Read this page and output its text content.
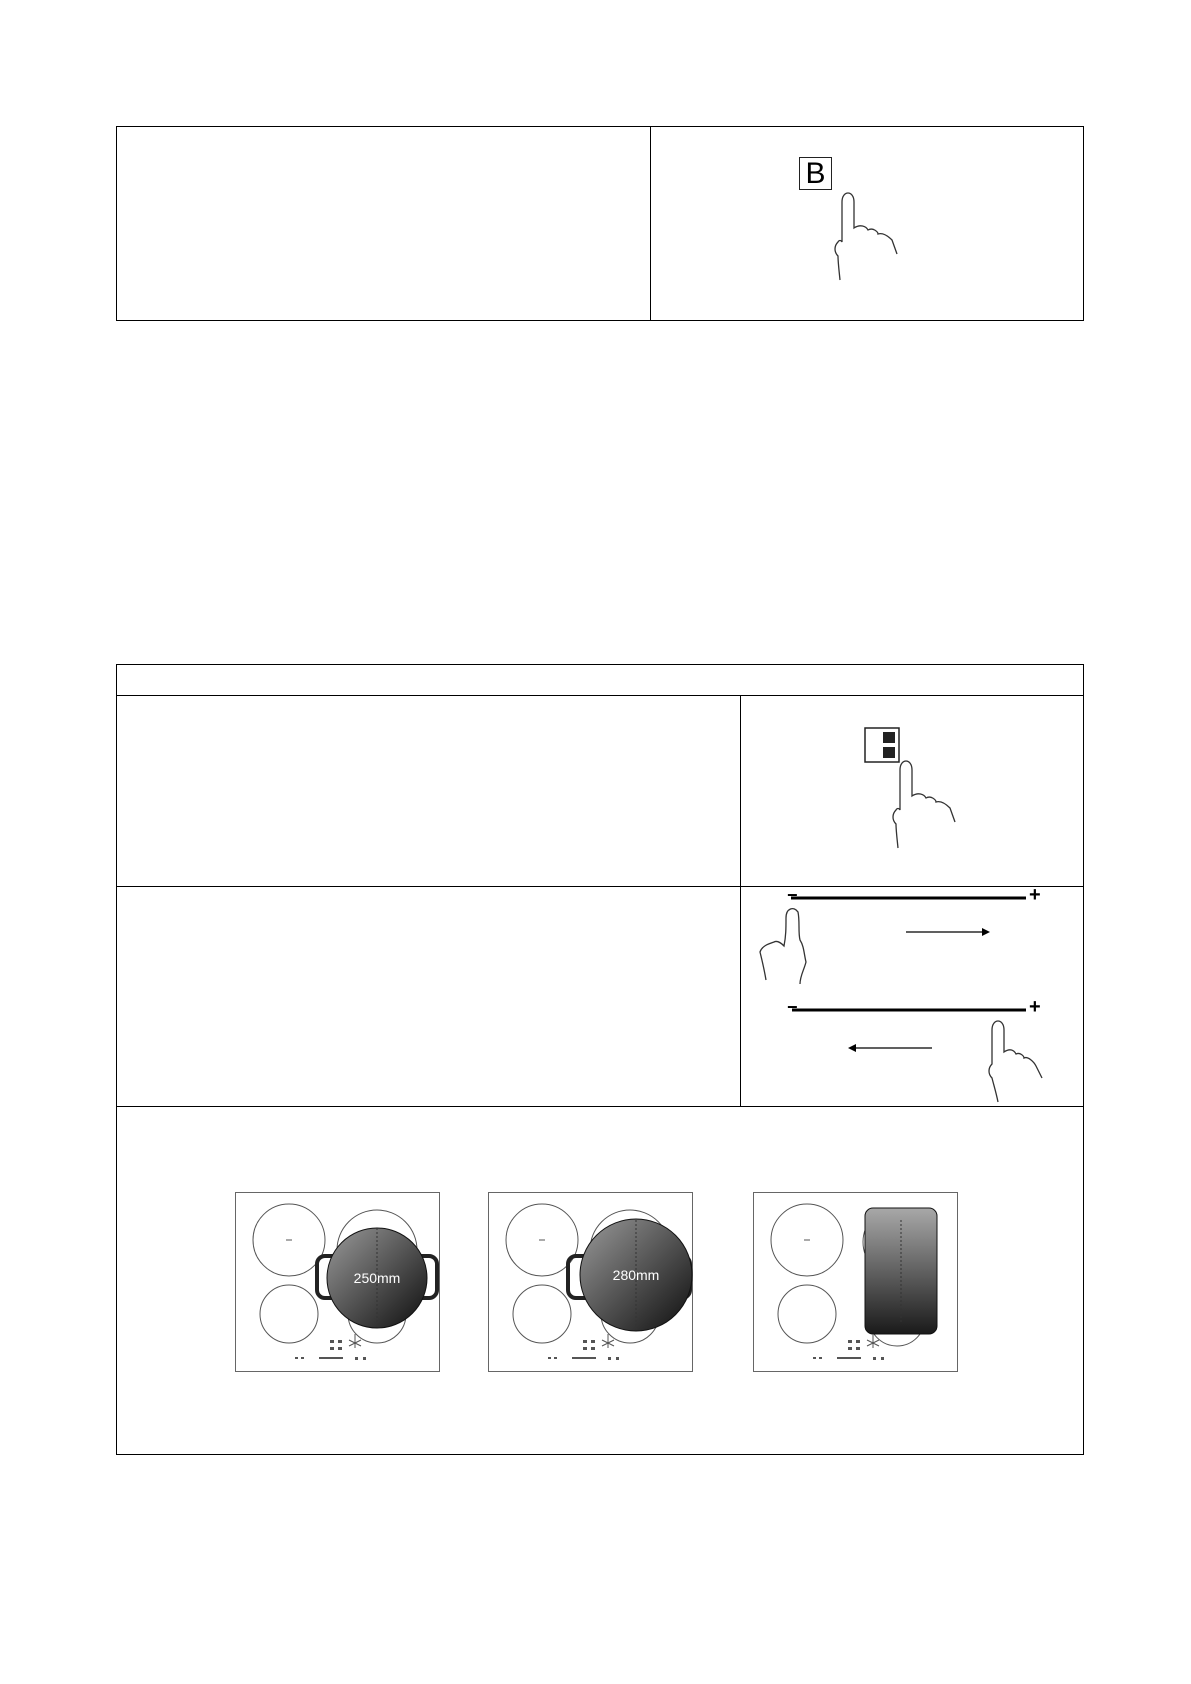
B
−	+
−	+
250mm	280mm
